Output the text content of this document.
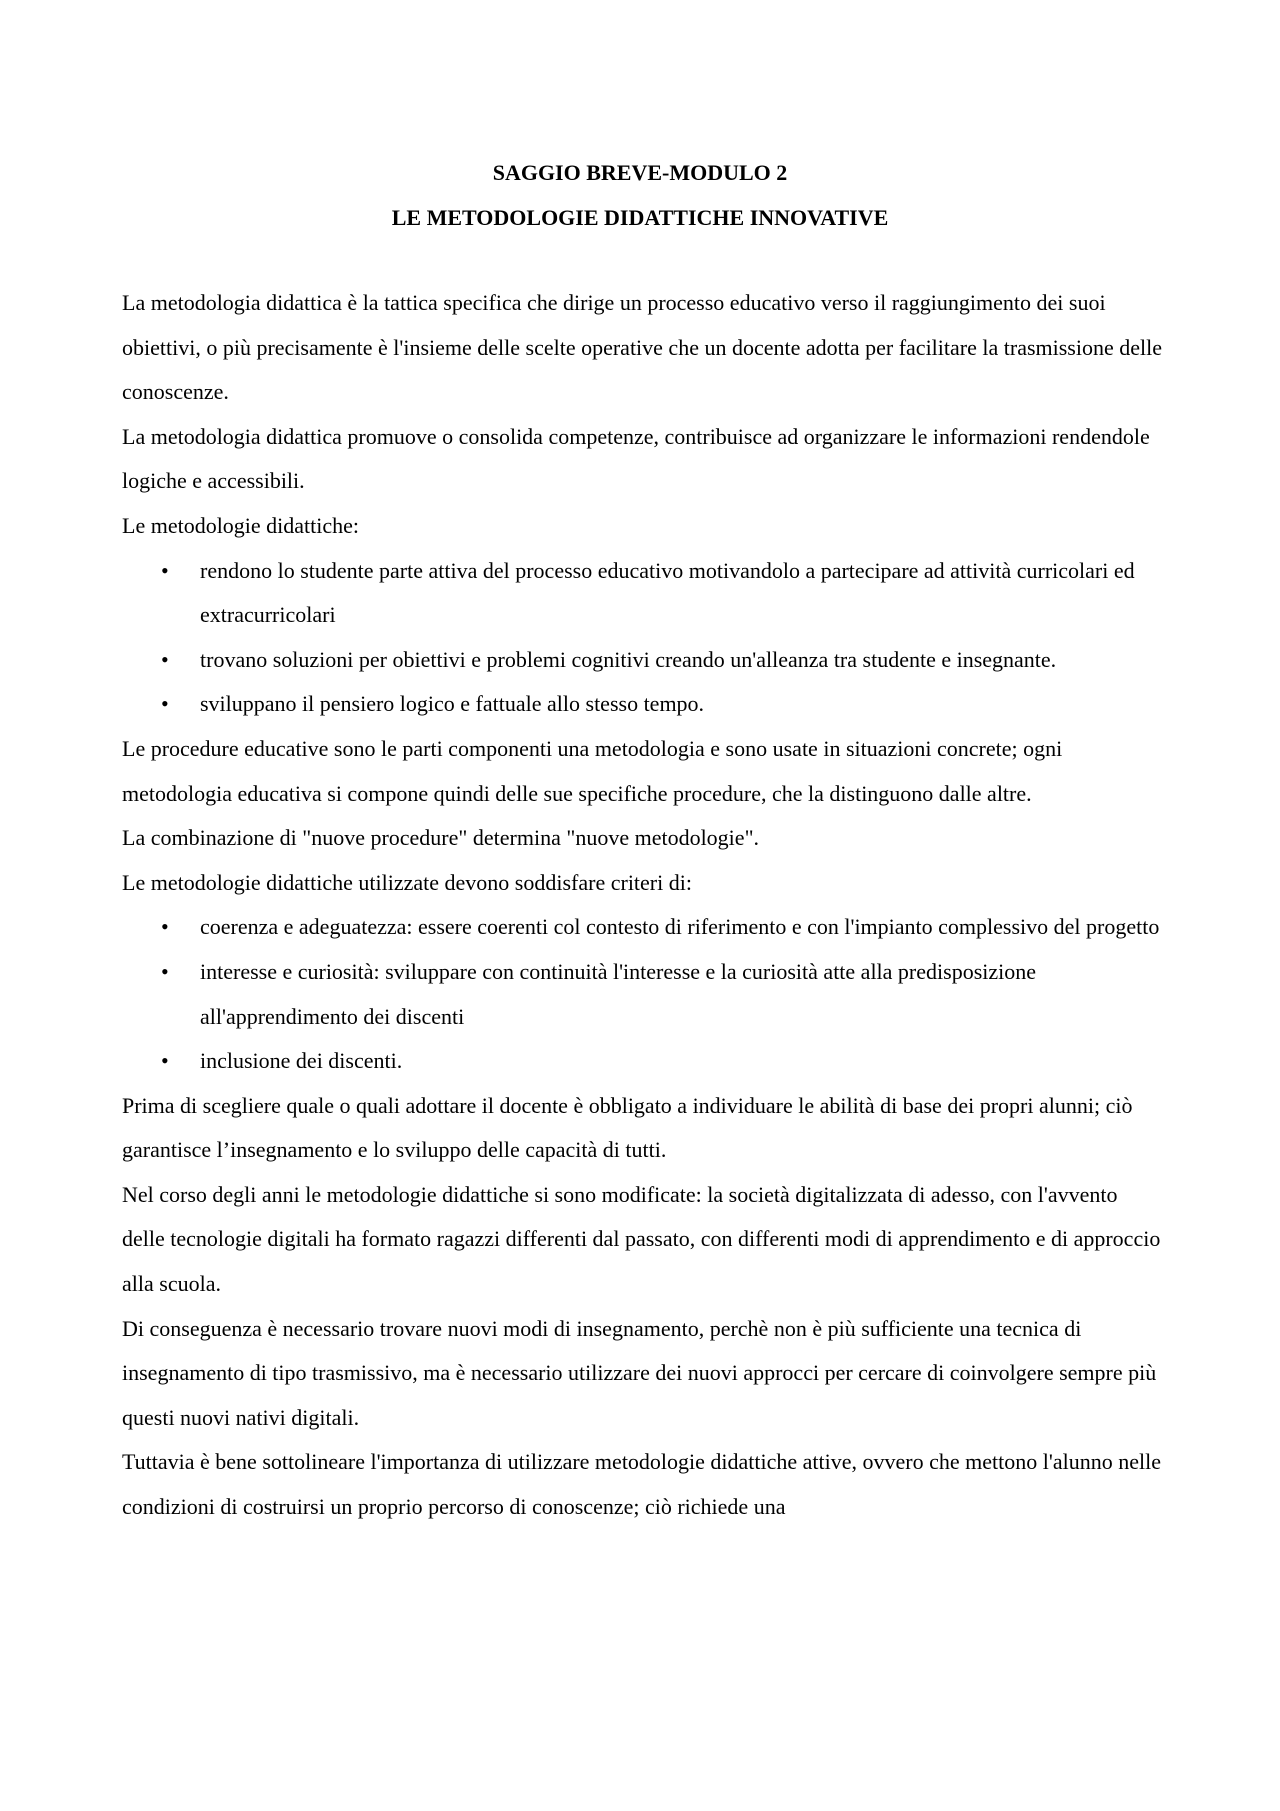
SAGGIO BREVE-MODULO 2
LE METODOLOGIE DIDATTICHE INNOVATIVE

La metodologia didattica è la tattica specifica che dirige un processo educativo verso il raggiungimento dei suoi obiettivi, o più precisamente è l'insieme delle scelte operative che un docente adotta per facilitare la trasmissione delle conoscenze.

La metodologia didattica promuove o consolida competenze, contribuisce ad organizzare le informazioni rendendole logiche e accessibili.

Le metodologie didattiche:

• rendono lo studente parte attiva del processo educativo motivandolo a partecipare ad attività curricolari ed extracurricolari
• trovano soluzioni per obiettivi e problemi cognitivi creando un'alleanza tra studente e insegnante.
• sviluppano il pensiero logico e fattuale allo stesso tempo.

Le procedure educative sono le parti componenti una metodologia e sono usate in situazioni concrete; ogni metodologia educativa si compone quindi delle sue specifiche procedure, che la distinguono dalle altre.

La combinazione di "nuove procedure" determina "nuove metodologie".

Le metodologie didattiche utilizzate devono soddisfare criteri di:

• coerenza e adeguatezza: essere coerenti col contesto di riferimento e con l'impianto complessivo del progetto
• interesse e curiosità: sviluppare con continuità l'interesse e la curiosità atte alla predisposizione all'apprendimento dei discenti
• inclusione dei discenti.

Prima di scegliere quale o quali adottare il docente è obbligato a individuare le abilità di base dei propri alunni; ciò garantisce l’insegnamento e lo sviluppo delle capacità di tutti.

Nel corso degli anni le metodologie didattiche si sono modificate: la società digitalizzata di adesso, con l'avvento delle tecnologie digitali ha formato ragazzi differenti dal passato, con differenti modi di apprendimento e di approccio alla scuola.

Di conseguenza è necessario trovare nuovi modi di insegnamento, perchè non è più sufficiente una tecnica di insegnamento di tipo trasmissivo, ma è necessario utilizzare dei nuovi approcci per cercare di coinvolgere sempre più questi nuovi nativi digitali.

Tuttavia è bene sottolineare l'importanza di utilizzare metodologie didattiche attive, ovvero che mettono l'alunno nelle condizioni di costruirsi un proprio percorso di conoscenze; ciò richiede una
